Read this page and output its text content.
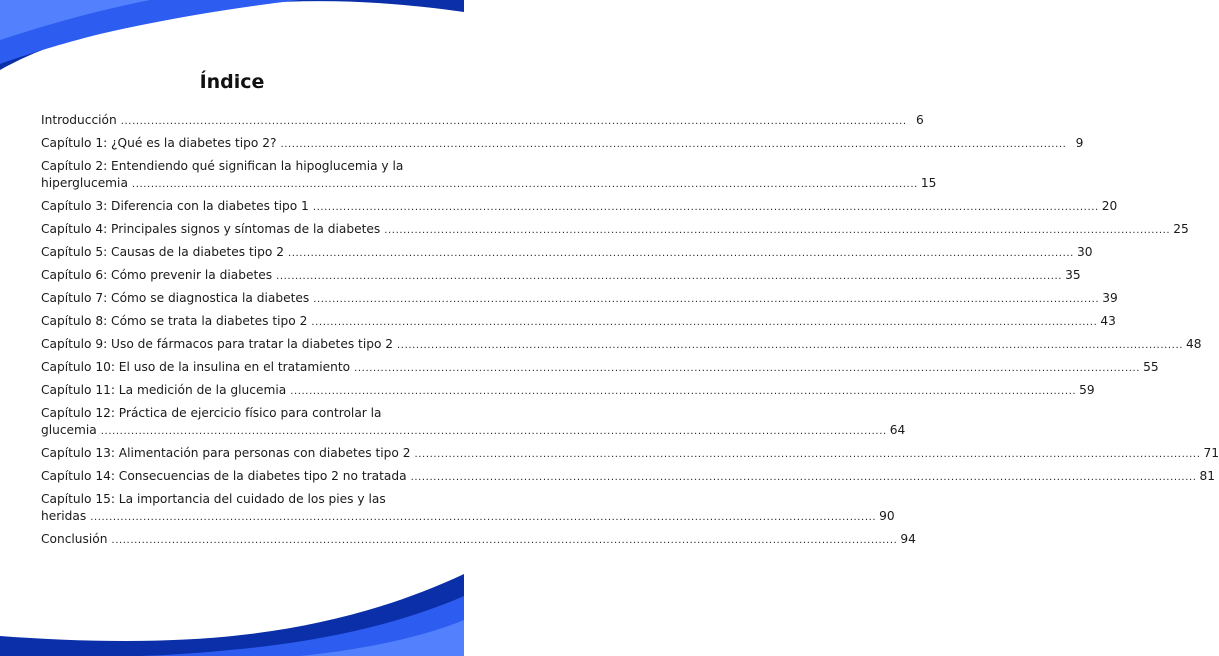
Índice
Introducción .....	6
Capítulo 1: ¿Qué es la diabetes tipo 2? .....	9
Capítulo 2: Entendiendo qué significan la hipoglucemia y la
hiperglucemia .....	15
Capítulo 3: Diferencia con la diabetes tipo 1 .....	20
Capítulo 4: Principales signos y síntomas de la diabetes .....	25
Capítulo 5: Causas de la diabetes tipo 2 .....	30
Capítulo 6: Cómo prevenir la diabetes .....	35
Capítulo 7: Cómo se diagnostica la diabetes .....	39
Capítulo 8: Cómo se trata la diabetes tipo 2 .....	43
Capítulo 9: Uso de fármacos para tratar la diabetes tipo 2 .....	48
Capítulo 10: El uso de la insulina en el tratamiento .....	55
Capítulo 11: La medición de la glucemia .....	59
Capítulo 12: Práctica de ejercicio físico para controlar la
glucemia .....	64
Capítulo 13: Alimentación para personas con diabetes tipo 2 .....	71
Capítulo 14: Consecuencias de la diabetes tipo 2 no tratada .....	81
Capítulo 15: La importancia del cuidado de los pies y las
heridas .....	90
Conclusión .....	94
